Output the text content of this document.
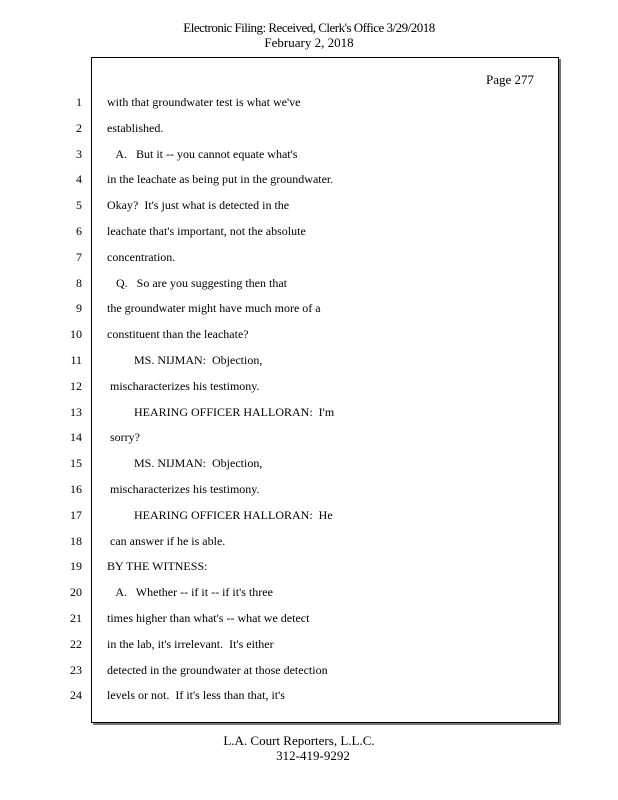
Electronic Filing: Received, Clerk's Office 3/29/2018
February 2, 2018
Page 277
1
2
3
4
5
6
7
8
9
10
11
12
13
14
15
16
17
18
19
20
21
22
23
24
with that groundwater test is what we've
established.
A.   But it -- you cannot equate what's
in the leachate as being put in the groundwater.
Okay?  It's just what is detected in the
leachate that's important, not the absolute
concentration.
Q.   So are you suggesting then that
the groundwater might have much more of a
constituent than the leachate?
MS. NIJMAN:  Objection,
mischaracterizes his testimony.
HEARING OFFICER HALLORAN:  I'm
sorry?
MS. NIJMAN:  Objection,
mischaracterizes his testimony.
HEARING OFFICER HALLORAN:  He
can answer if he is able.
BY THE WITNESS:
A.   Whether -- if it -- if it's three
times higher than what's -- what we detect
in the lab, it's irrelevant.  It's either
detected in the groundwater at those detection
levels or not.  If it's less than that, it's
L.A. Court Reporters, L.L.C.
312-419-9292
